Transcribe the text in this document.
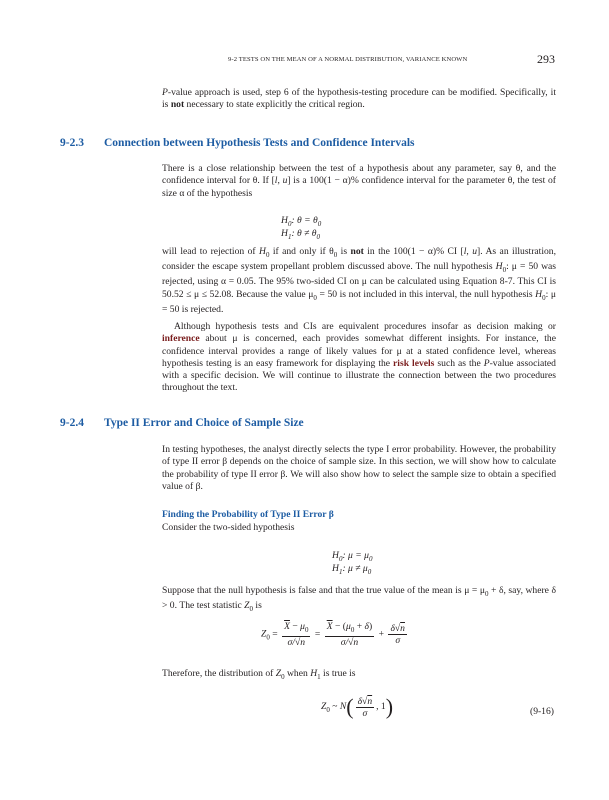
9-2 TESTS ON THE MEAN OF A NORMAL DISTRIBUTION, VARIANCE KNOWN	293

P-value approach is used, step 6 of the hypothesis-testing procedure can be modified. Specifically, it is not necessary to state explicitly the critical region.

9-2.3 Connection between Hypothesis Tests and Confidence Intervals

There is a close relationship between the test of a hypothesis about any parameter, say θ, and the confidence interval for θ. If [l, u] is a 100(1 − α)% confidence interval for the parameter θ, the test of size α of the hypothesis

$H_0$: $\theta = \theta_0$
$H_1$: $\theta \ne \theta_0$

will lead to rejection of $H_0$ if and only if $\theta_0$ is not in the 100(1 − α)% CI [l, u]. As an illustration, consider the escape system propellant problem discussed above. The null hypothesis $H_0$: μ = 50 was rejected, using α = 0.05. The 95% two-sided CI on μ can be calculated using Equation 8-7. This CI is 50.52 ≤ μ ≤ 52.08. Because the value $\mu_0 = 50$ is not included in this interval, the null hypothesis $H_0$: μ = 50 is rejected.

Although hypothesis tests and CIs are equivalent procedures insofar as decision making or inference about μ is concerned, each provides somewhat different insights. For instance, the confidence interval provides a range of likely values for μ at a stated confidence level, whereas hypothesis testing is an easy framework for displaying the risk levels such as the P-value associated with a specific decision. We will continue to illustrate the connection between the two procedures throughout the text.

9-2.4 Type II Error and Choice of Sample Size

In testing hypotheses, the analyst directly selects the type I error probability. However, the probability of type II error β depends on the choice of sample size. In this section, we will show how to calculate the probability of type II error β. We will also show how to select the sample size to obtain a specified value of β.

Finding the Probability of Type II Error β

Consider the two-sided hypothesis

$H_0$: $\mu = \mu_0$
$H_1$: $\mu \ne \mu_0$

Suppose that the null hypothesis is false and that the true value of the mean is $\mu = \mu_0 + \delta$, say, where δ > 0. The test statistic $Z_0$ is

$Z_0 = \frac{\overline{X} - \mu_0}{\sigma/√n} = \frac{\overline{X} - (\mu_0 + \delta)}{\sigma/√n} + \frac{\delta√n}{\sigma}$

Therefore, the distribution of $Z_0$ when $H_1$ is true is

$Z_0$ ~ $N( \frac{\delta√n}{\sigma}$ , 1)	(9-16)
